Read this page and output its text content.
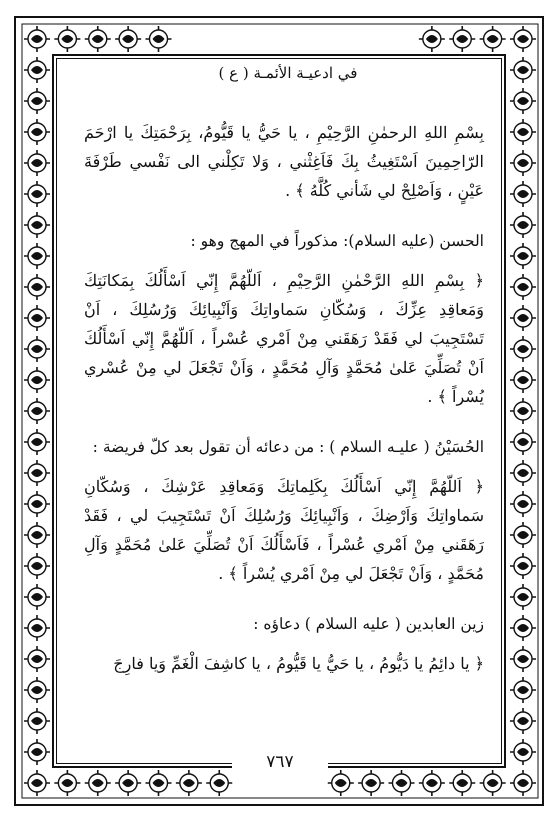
في ادعيـة الأئمـة ( ع )

بِسْمِ اللهِ الرحمٰنِ الرَّحِيْمِ ، يا حَيُّ يا قَيُّومُ، بِرَحْمَتِكَ يا ارْحَمَ الرّاحِمِينَ اَسْتَغِيثُ بِكَ فَاَغِثْني ، وَلا تَكِلْني الى نَفْسي طَرْفَةَ عَيْنٍ ، وَاَصْلِحْ لي شَأني كُلَّهُ ﴾ .

الحسن (عليه السلام): مذكوراً في المهج وهو :

﴿ بِسْمِ اللهِ الرَّحْمٰنِ الرَّحِيْمِ ، اَللّهُمَّ إِنّي اَسْأَلُكَ بِمَكانَتِكَ وَمَعاقِدِ عِزِّكَ ، وَسُكّانِ سَماواتِكَ وَاَنْبِيائِكَ وَرُسُلِكَ ، اَنْ تَسْتَجِيبَ لي فَقَدْ رَهَقَني مِنْ اَمْري عُسْراً ، اَللّهُمَّ إِنّي اَسْأَلُكَ اَنْ تُصَلِّيَ عَلىٰ مُحَمَّدٍ وَآلِ مُحَمَّدٍ ، وَاَنْ تَجْعَلَ لي مِنْ عُسْري يُسْراً ﴾ .

الحُسَيْنُ ( عليـه السلام ) : من دعائه أن تقول بعد كلّ فريضة :

﴿ اَللّهُمَّ إِنّي اَسْأَلُكَ بِكَلِماتِكَ وَمَعاقِدِ عَرْشِكَ ، وَسُكّانِ سَماواتِكَ وَاَرْضِكَ ، وَاَنْبِيائِكَ وَرُسُلِكَ اَنْ تَسْتَجِيبَ لي ، فَقَدْ رَهَقَني مِنْ اَمْري عُسْراً ، فَاَسْأَلُكَ اَنْ تُصَلِّيَ عَلىٰ مُحَمَّدٍ وَآلِ مُحَمَّدٍ ، وَاَنْ تَجْعَلَ لي مِنْ اَمْري يُسْراً ﴾ .

زين العابدين ( عليه السلام ) دعاؤه :

﴿ يا دائِمُ يا دَيُّومُ ، يا حَيُّ يا قَيُّومُ ، يا كاشِفَ الْغَمِّ وَيا فارِجَ

٧٦٧
